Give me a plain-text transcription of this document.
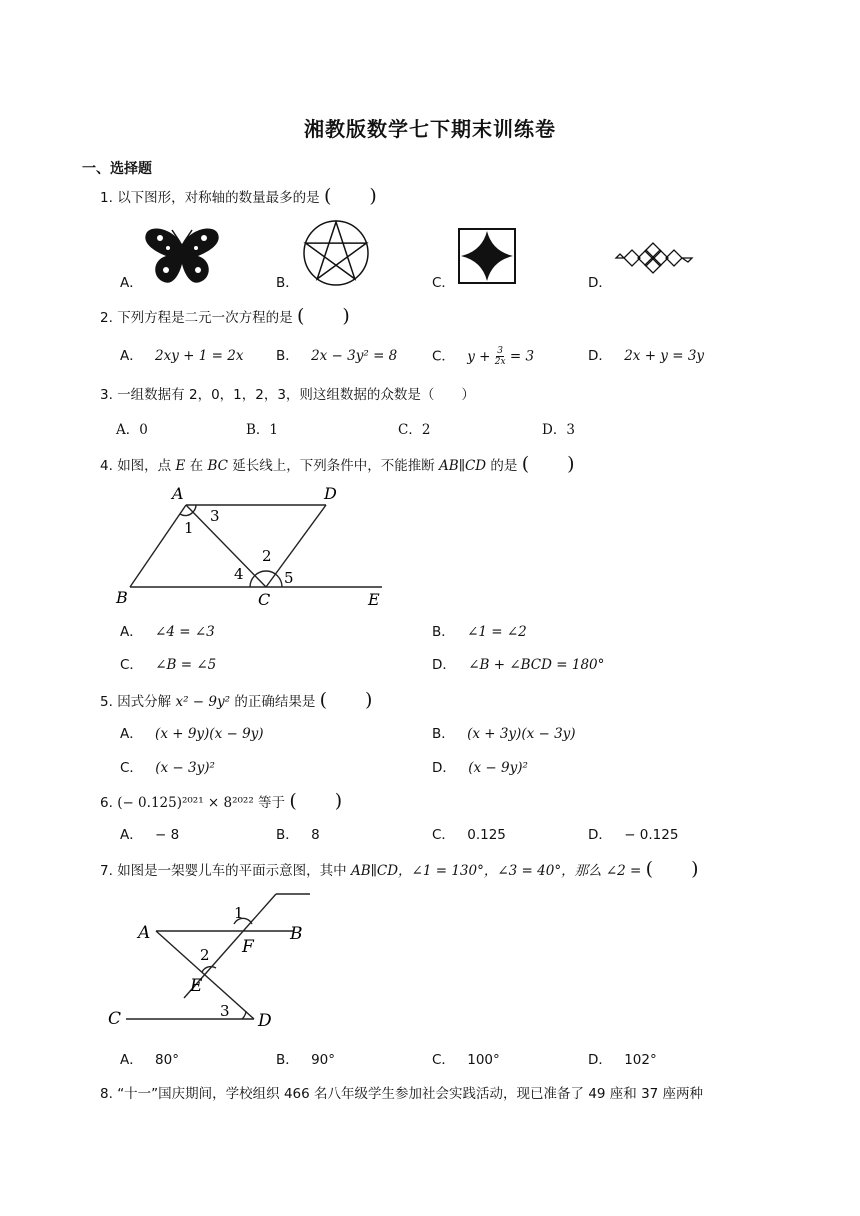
湘教版数学七下期末训练卷
一、选择题
1. 以下图形，对称轴的数量最多的是 (　　)
A．	B．	C．	D．
2. 下列方程是二元一次方程的是 (　　)
A． 2xy + 1 = 2x B． 2x − 3y² = 8	C． $y + \frac{3}{2x} = 3$	D． 2x + y = 3y
3. 一组数据有 2，0，1，2，3，则这组数据的众数是（　　）
A．0	B．1	C．2	D．3
4. 如图，点 E 在 BC 延长线上，下列条件中，不能推断 AB∥CD 的是 (　　)
A	D
B	C	E
1
2
3
4	5
A． ∠4 = ∠3	B． ∠1 = ∠2
C． ∠B = ∠5	D． ∠B + ∠BCD = 180°
5. 因式分解 x² − 9y² 的正确结果是 (　　)
A． (x + 9y)(x − 9y)	B． (x + 3y)(x − 3y)
C． (x − 3y)²	D． (x − 9y)²
6. (− 0.125)²⁰²¹ × 8²⁰²² 等于 (　　)
A． − 8	B． 8	C． 0.125	D． − 0.125
7. 如图是一架婴儿车的平面示意图，其中 AB∥CD，∠1 = 130°，∠3 = 40°，那么 ∠2 = (　　)
A	B
C	D
E
F
1
2
3
A． 80°	B． 90°	C． 100°	D． 102°
8. “十一”国庆期间，学校组织 466 名八年级学生参加社会实践活动，现已准备了 49 座和 37 座两种
